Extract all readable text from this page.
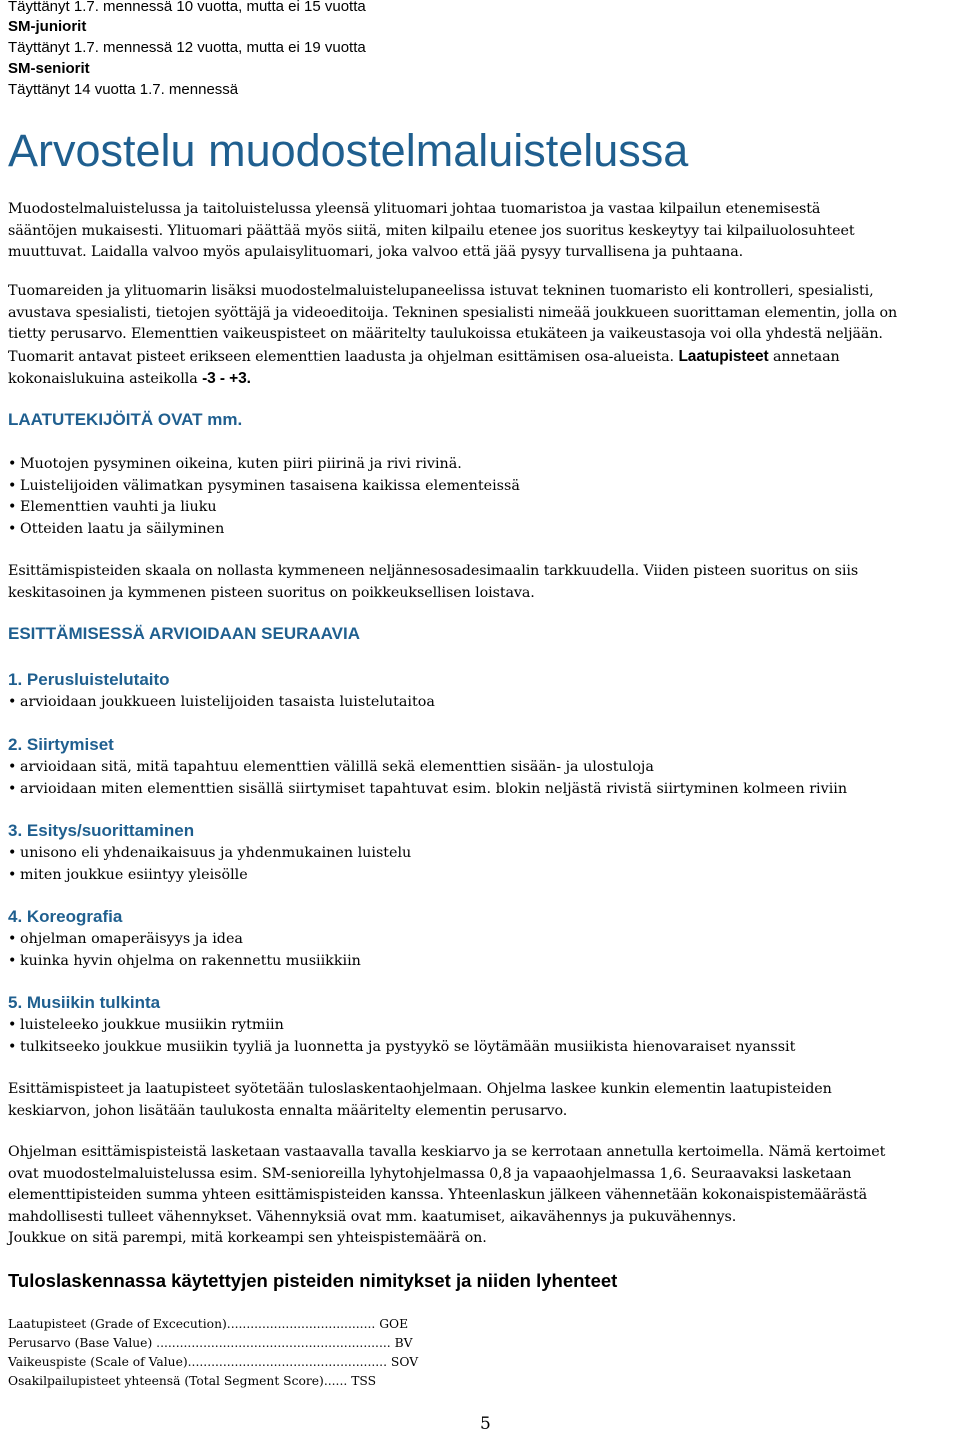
Täyttänyt 1.7. mennessä 10 vuotta, mutta ei 15 vuotta
SM-juniorit
Täyttänyt 1.7. mennessä 12 vuotta, mutta ei 19 vuotta
SM-seniorit
Täyttänyt 14 vuotta 1.7. mennessä
Arvostelu muodostelmaluistelussa
Muodostelmaluistelussa ja taitoluistelussa yleensä ylituomari johtaa tuomaristoa ja vastaa kilpailun etenemisestä
sääntöjen mukaisesti. Ylituomari päättää myös siitä, miten kilpailu etenee jos suoritus keskeytyy tai kilpailuolosuhteet
muuttuvat. Laidalla valvoo myös apulaisylituomari, joka valvoo että jää pysyy turvallisena ja puhtaana.
Tuomareiden ja ylituomarin lisäksi muodostelmaluistelupaneelissa istuvat tekninen tuomaristo eli kontrolleri, spesialisti,
avustava spesialisti, tietojen syöttäjä ja videoeditoija. Tekninen spesialisti nimeää joukkueen suorittaman elementin, jolla on
tietty perusarvo. Elementtien vaikeuspisteet on määritelty taulukoissa etukäteen ja vaikeustasoja voi olla yhdestä neljään.
Tuomarit antavat pisteet erikseen elementtien laadusta ja ohjelman esittämisen osa-alueista. Laatupisteet annetaan
kokonaislukuina asteikolla -3 - +3.
LAATUTEKIJÖITÄ OVAT mm.
• Muotojen pysyminen oikeina, kuten piiri piirinä ja rivi rivinä.
• Luistelijoiden välimatkan pysyminen tasaisena kaikissa elementeissä
• Elementtien vauhti ja liuku
• Otteiden laatu ja säilyminen
Esittämispisteiden skaala on nollasta kymmeneen neljännesosadesimaalin tarkkuudella. Viiden pisteen suoritus on siis
keskitasoinen ja kymmenen pisteen suoritus on poikkeuksellisen loistava.
ESITTÄMISESSÄ ARVIOIDAAN SEURAAVIA
1. Perusluistelutaito
• arvioidaan joukkueen luistelijoiden tasaista luistelutaitoa
2. Siirtymiset
• arvioidaan sitä, mitä tapahtuu elementtien välillä sekä elementtien sisään- ja ulostuloja
• arvioidaan miten elementtien sisällä siirtymiset tapahtuvat esim. blokin neljästä rivistä siirtyminen kolmeen riviin
3. Esitys/suorittaminen
• unisono eli yhdenaikaisuus ja yhdenmukainen luistelu
• miten joukkue esiintyy yleisölle
4. Koreografia
• ohjelman omaperäisyys ja idea
• kuinka hyvin ohjelma on rakennettu musiikkiin
5. Musiikin tulkinta
• luisteleeko joukkue musiikin rytmiin
• tulkitseeko joukkue musiikin tyyliä ja luonnetta ja pystyykö se löytämään musiikista hienovaraiset nyanssit
Esittämispisteet ja laatupisteet syötetään tuloslaskentaohjelmaan. Ohjelma laskee kunkin elementin laatupisteiden
keskiarvon, johon lisätään taulukosta ennalta määritelty elementin perusarvo.
Ohjelman esittämispisteistä lasketaan vastaavalla tavalla keskiarvo ja se kerrotaan annetulla kertoimella. Nämä kertoimet
ovat muodostelmaluistelussa esim. SM-senioreilla lyhytohjelmassa 0,8 ja vapaaohjelmassa 1,6. Seuraavaksi lasketaan
elementtipisteiden summa yhteen esittämispisteiden kanssa. Yhteenlaskun jälkeen vähennetään kokonaispistemäärästä
mahdollisesti tulleet vähennykset. Vähennyksiä ovat mm. kaatumiset, aikavähennys ja pukuvähennys.
Joukkue on sitä parempi, mitä korkeampi sen yhteispistemäärä on.
Tuloslaskennassa käytettyjen pisteiden nimitykset ja niiden lyhenteet
Laatupisteet (Grade of Excecution)...................................... GOE
Perusarvo (Base Value) ............................................................ BV
Vaikeuspiste (Scale of Value)................................................... SOV
Osakilpailupisteet yhteensä (Total Segment Score)...... TSS
5
